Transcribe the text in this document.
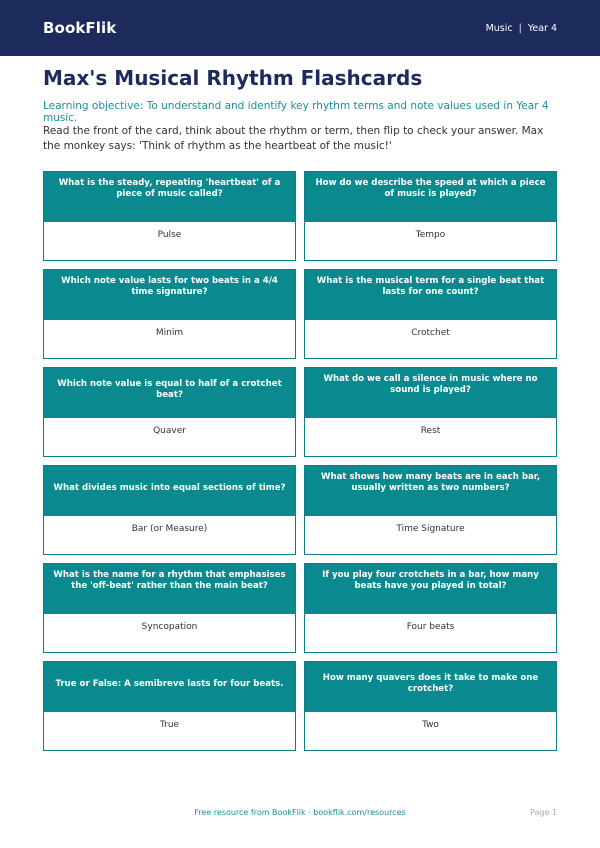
BookFlik	Music | Year 4
Max's Musical Rhythm Flashcards

Learning objective: To understand and identify key rhythm terms and note values used in Year 4 music.

Read the front of the card, think about the rhythm or term, then flip to check your answer. Max the monkey says: 'Think of rhythm as the heartbeat of the music!'

What is the steady, repeating 'heartbeat' of a piece of music called?
Pulse
How do we describe the speed at which a piece of music is played?
Tempo
Which note value lasts for two beats in a 4/4 time signature?
Minim
What is the musical term for a single beat that lasts for one count?
Crotchet
Which note value is equal to half of a crotchet beat?
Quaver
What do we call a silence in music where no sound is played?
Rest
What divides music into equal sections of time?
Bar (or Measure)
What shows how many beats are in each bar, usually written as two numbers?
Time Signature
What is the name for a rhythm that emphasises the 'off-beat' rather than the main beat?
Syncopation
If you play four crotchets in a bar, how many beats have you played in total?
Four beats
True or False: A semibreve lasts for four beats.
True
How many quavers does it take to make one crotchet?
Two
Free resource from BookFlik · bookflik.com/resources	Page 1
